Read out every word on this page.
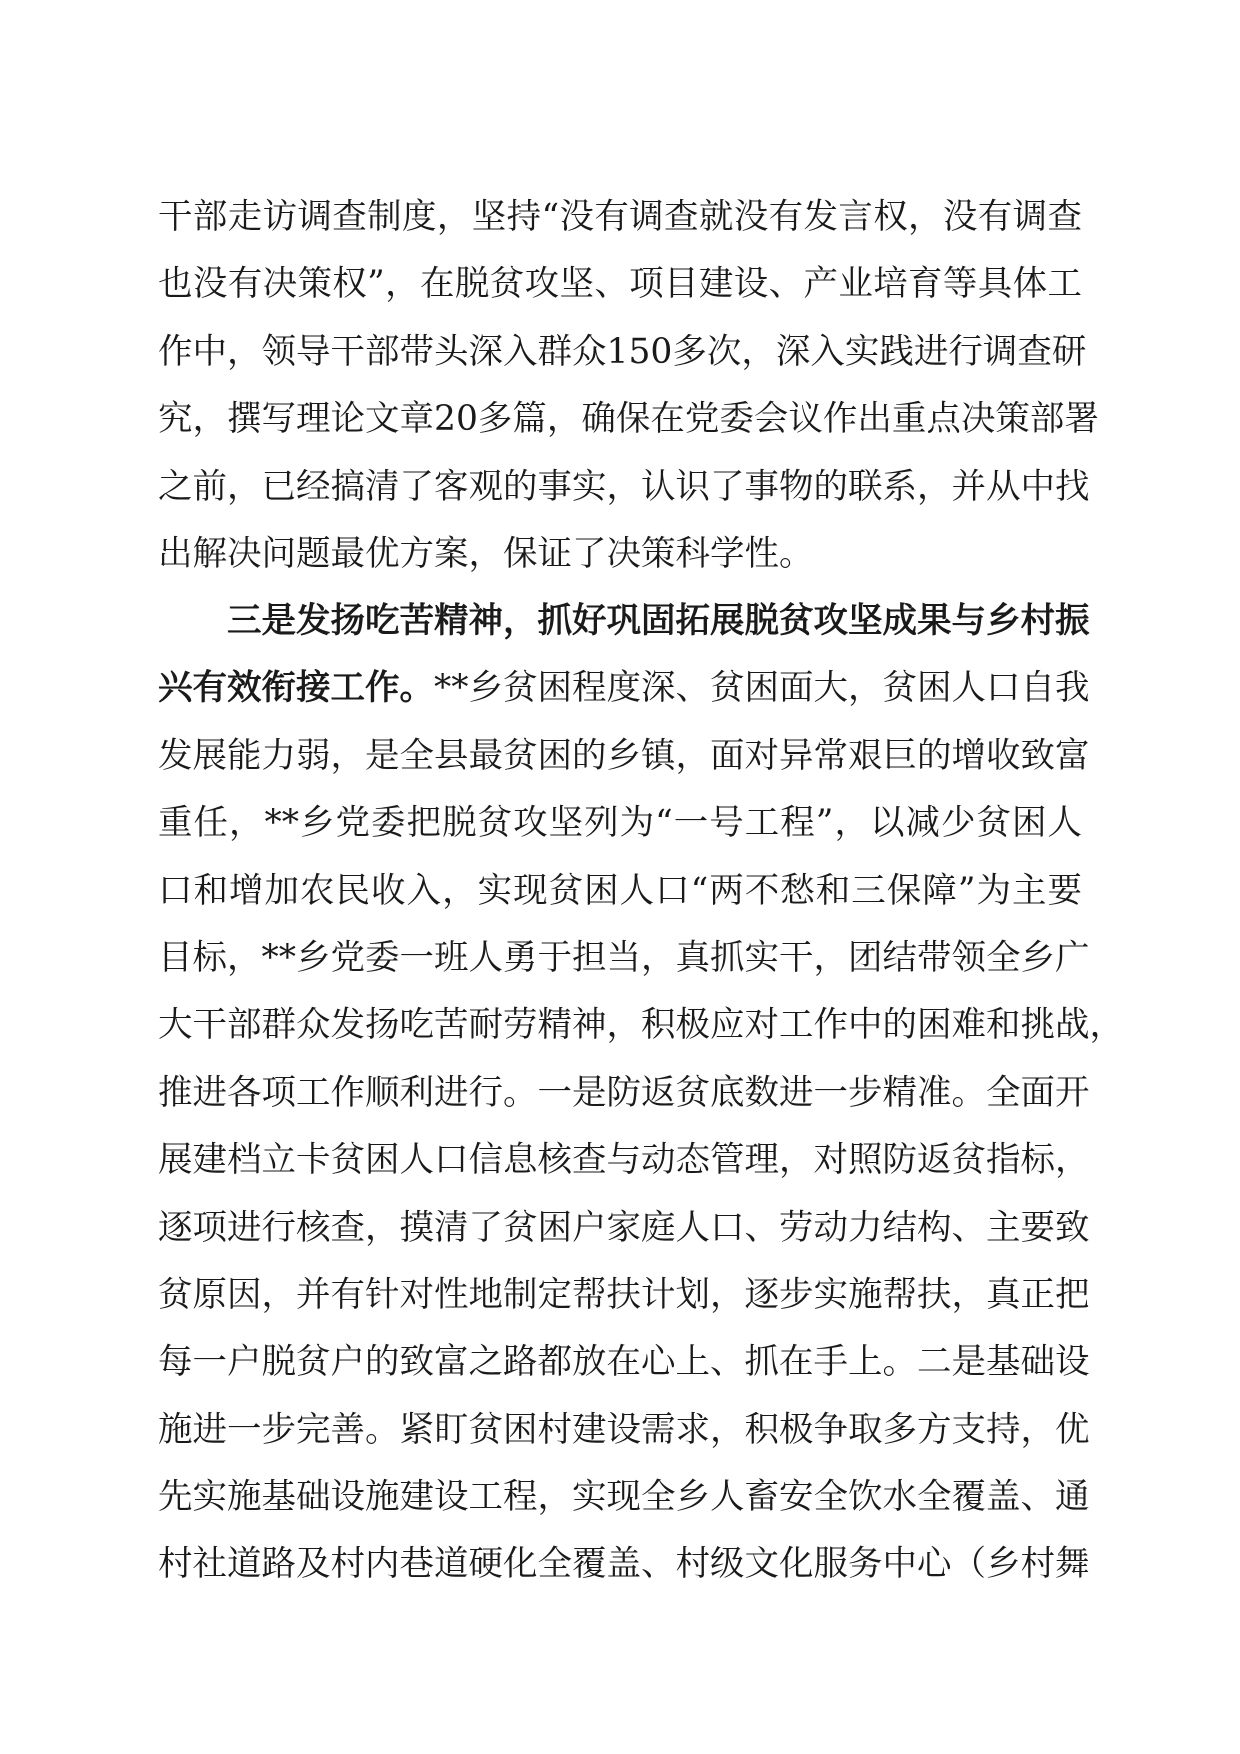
干部走访调查制度，坚持“没有调查就没有发言权，没有调查
也没有决策权”，在脱贫攻坚、项目建设、产业培育等具体工
作中，领导干部带头深入群众150多次，深入实践进行调查研
究，撰写理论文章20多篇，确保在党委会议作出重点决策部署
之前，已经搞清了客观的事实，认识了事物的联系，并从中找
出解决问题最优方案，保证了决策科学性。
三是发扬吃苦精神，抓好巩固拓展脱贫攻坚成果与乡村振
兴有效衔接工作。**乡贫困程度深、贫困面大，贫困人口自我
发展能力弱，是全县最贫困的乡镇，面对异常艰巨的增收致富
重任，**乡党委把脱贫攻坚列为“一号工程”，以减少贫困人
口和增加农民收入，实现贫困人口“两不愁和三保障”为主要
目标，**乡党委一班人勇于担当，真抓实干，团结带领全乡广
大干部群众发扬吃苦耐劳精神，积极应对工作中的困难和挑战，
推进各项工作顺利进行。一是防返贫底数进一步精准。全面开
展建档立卡贫困人口信息核查与动态管理，对照防返贫指标，
逐项进行核查，摸清了贫困户家庭人口、劳动力结构、主要致
贫原因，并有针对性地制定帮扶计划，逐步实施帮扶，真正把
每一户脱贫户的致富之路都放在心上、抓在手上。二是基础设
施进一步完善。紧盯贫困村建设需求，积极争取多方支持，优
先实施基础设施建设工程，实现全乡人畜安全饮水全覆盖、通
村社道路及村内巷道硬化全覆盖、村级文化服务中心（乡村舞
